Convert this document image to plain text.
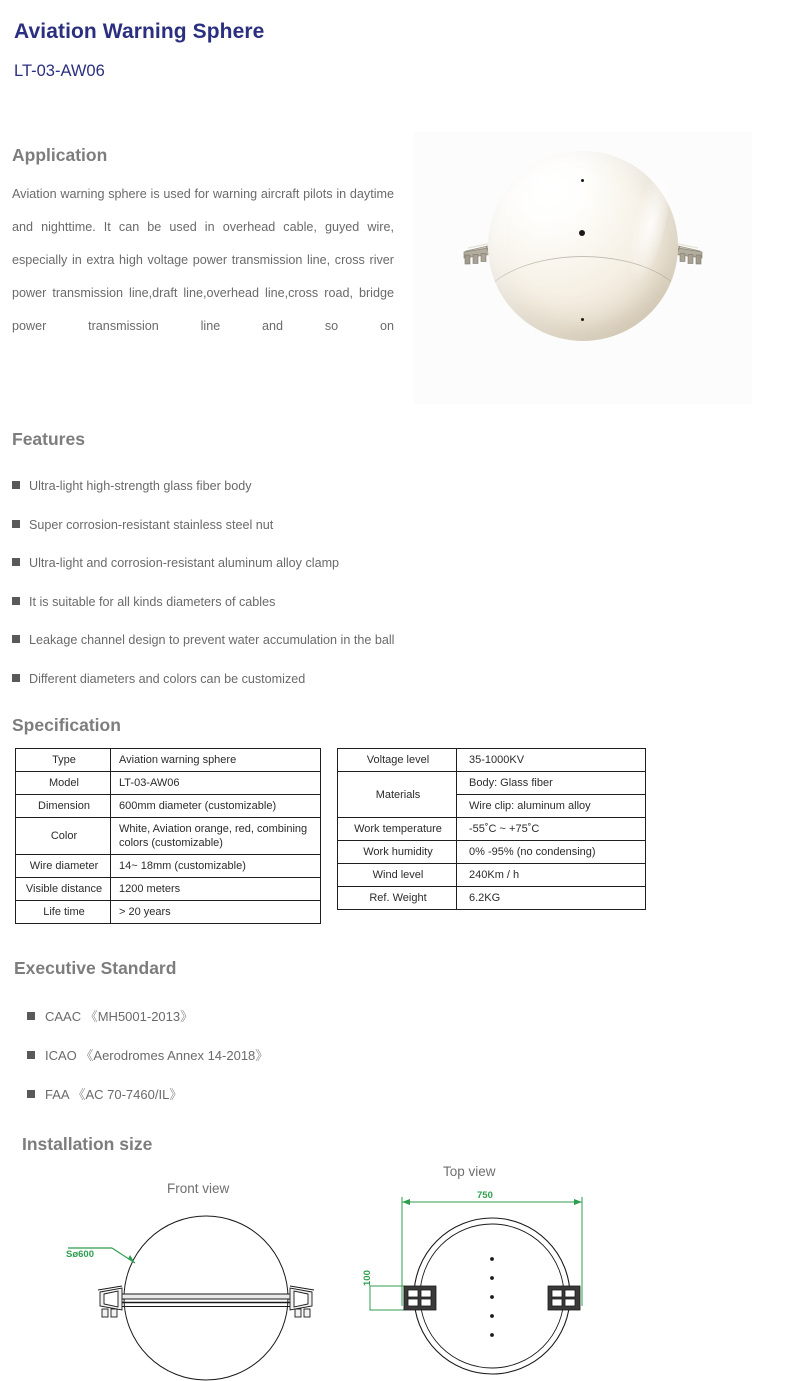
Aviation Warning Sphere
LT-03-AW06
Application
Aviation warning sphere is used for warning aircraft pilots in daytime and nighttime. It can be used in overhead cable, guyed wire, especially in extra high voltage power transmission line, cross river power transmission line,draft line,overhead line,cross road, bridge power transmission line and so on
Features
Ultra-light high-strength glass fiber body
Super corrosion-resistant stainless steel nut
Ultra-light and corrosion-resistant aluminum alloy clamp
It is suitable for all kinds diameters of cables
Leakage channel design to prevent water accumulation in the ball
Different diameters and colors can be customized
Specification
Type	Aviation warning sphere
Model	LT-03-AW06
Dimension	600mm diameter (customizable)
Color	White, Aviation orange, red, combining colors (customizable)
Wire diameter	14~ 18mm (customizable)
Visible distance	1200 meters
Life time	> 20 years
Voltage level	35-1000KV
Materials	Body: Glass fiber
	Wire clip: aluminum alloy
Work temperature	-55˚C ~ +75˚C
Work humidity	0% -95% (no condensing)
Wind level	240Km / h
Ref. Weight	6.2KG
Executive Standard
CAAC 《MH5001-2013》
ICAO 《Aerodromes Annex 14-2018》
FAA 《AC 70-7460/IL》
Installation size
Front view
Top view
Sø600
750
100
